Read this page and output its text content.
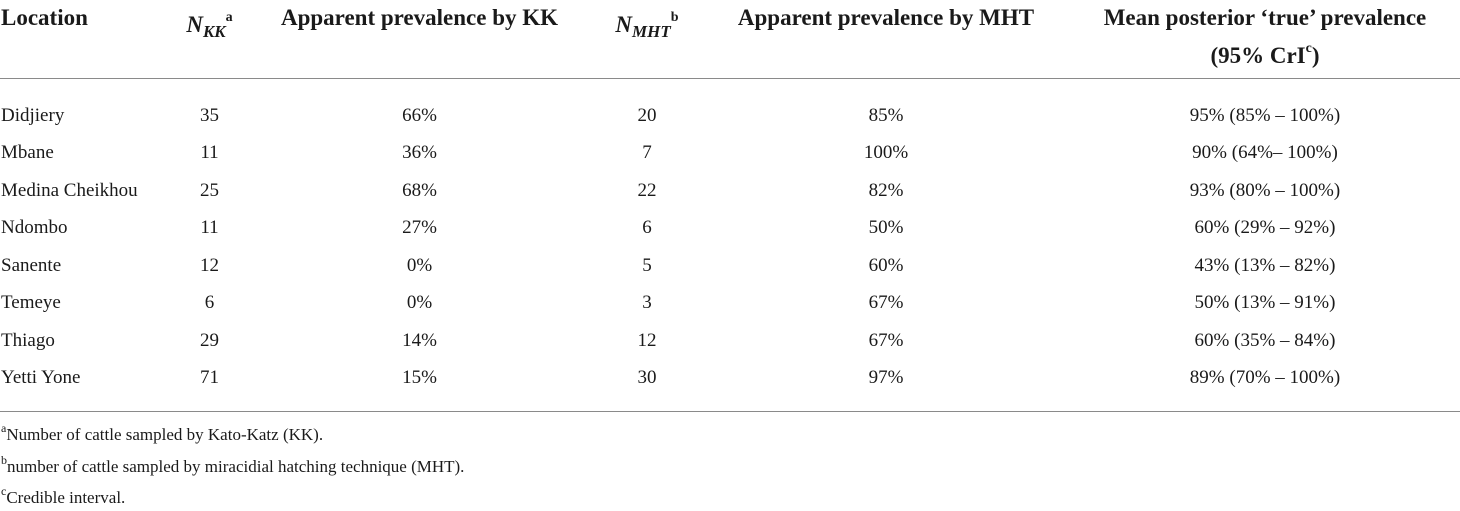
Location	$N_{KK}^a$	Apparent prevalence by KK	$N_{MHT}^b$	Apparent prevalence by MHT	Mean posterior ‘true’ prevalence
(95% CrI$^c$)

Didjiery	35	66%	20	85%	95% (85% – 100%)
Mbane	11	36%	7	100%	90% (64%– 100%)
Medina Cheikhou	25	68%	22	82%	93% (80% – 100%)
Ndombo	11	27%	6	50%	60% (29% – 92%)
Sanente	12	0%	5	60%	43% (13% – 82%)
Temeye	6	0%	3	67%	50% (13% – 91%)
Thiago	29	14%	12	67%	60% (35% – 84%)
Yetti Yone	71	15%	30	97%	89% (70% – 100%)
$^a$Number of cattle sampled by Kato-Katz (KK).
$^b$number of cattle sampled by miracidial hatching technique (MHT).
$^c$Credible interval.
